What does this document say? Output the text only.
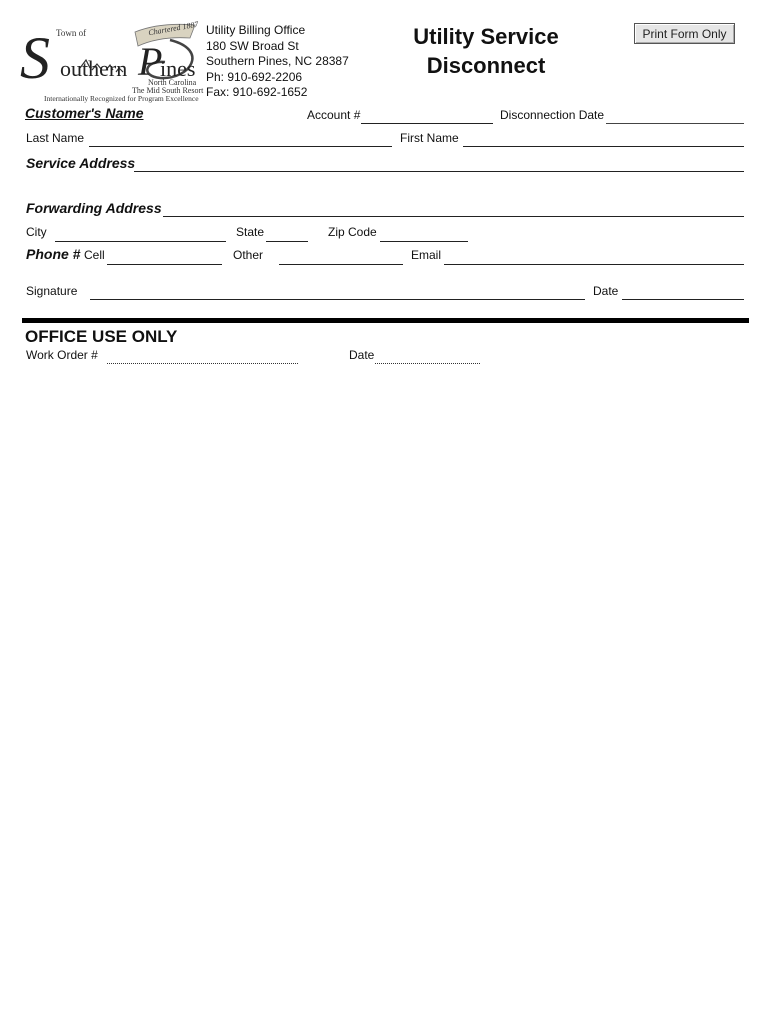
Town of	Chartered 1887
S outhern P
ines
North Carolina
The Mid South Resort
Internationally Recognized for Program Excellence
Utility Billing Office
180 SW Broad St
Southern Pines, NC 28387
Ph: 910-692-2206
Fax: 910-692-1652
Utility Service
Disconnect
Print Form Only
Customer's Name	Account #	Disconnection Date
Last Name	First Name
Service Address
Forwarding Address
City	State	Zip Code
Phone # Cell	Other	Email
Signature	Date
OFFICE USE ONLY
Work Order #	Date
